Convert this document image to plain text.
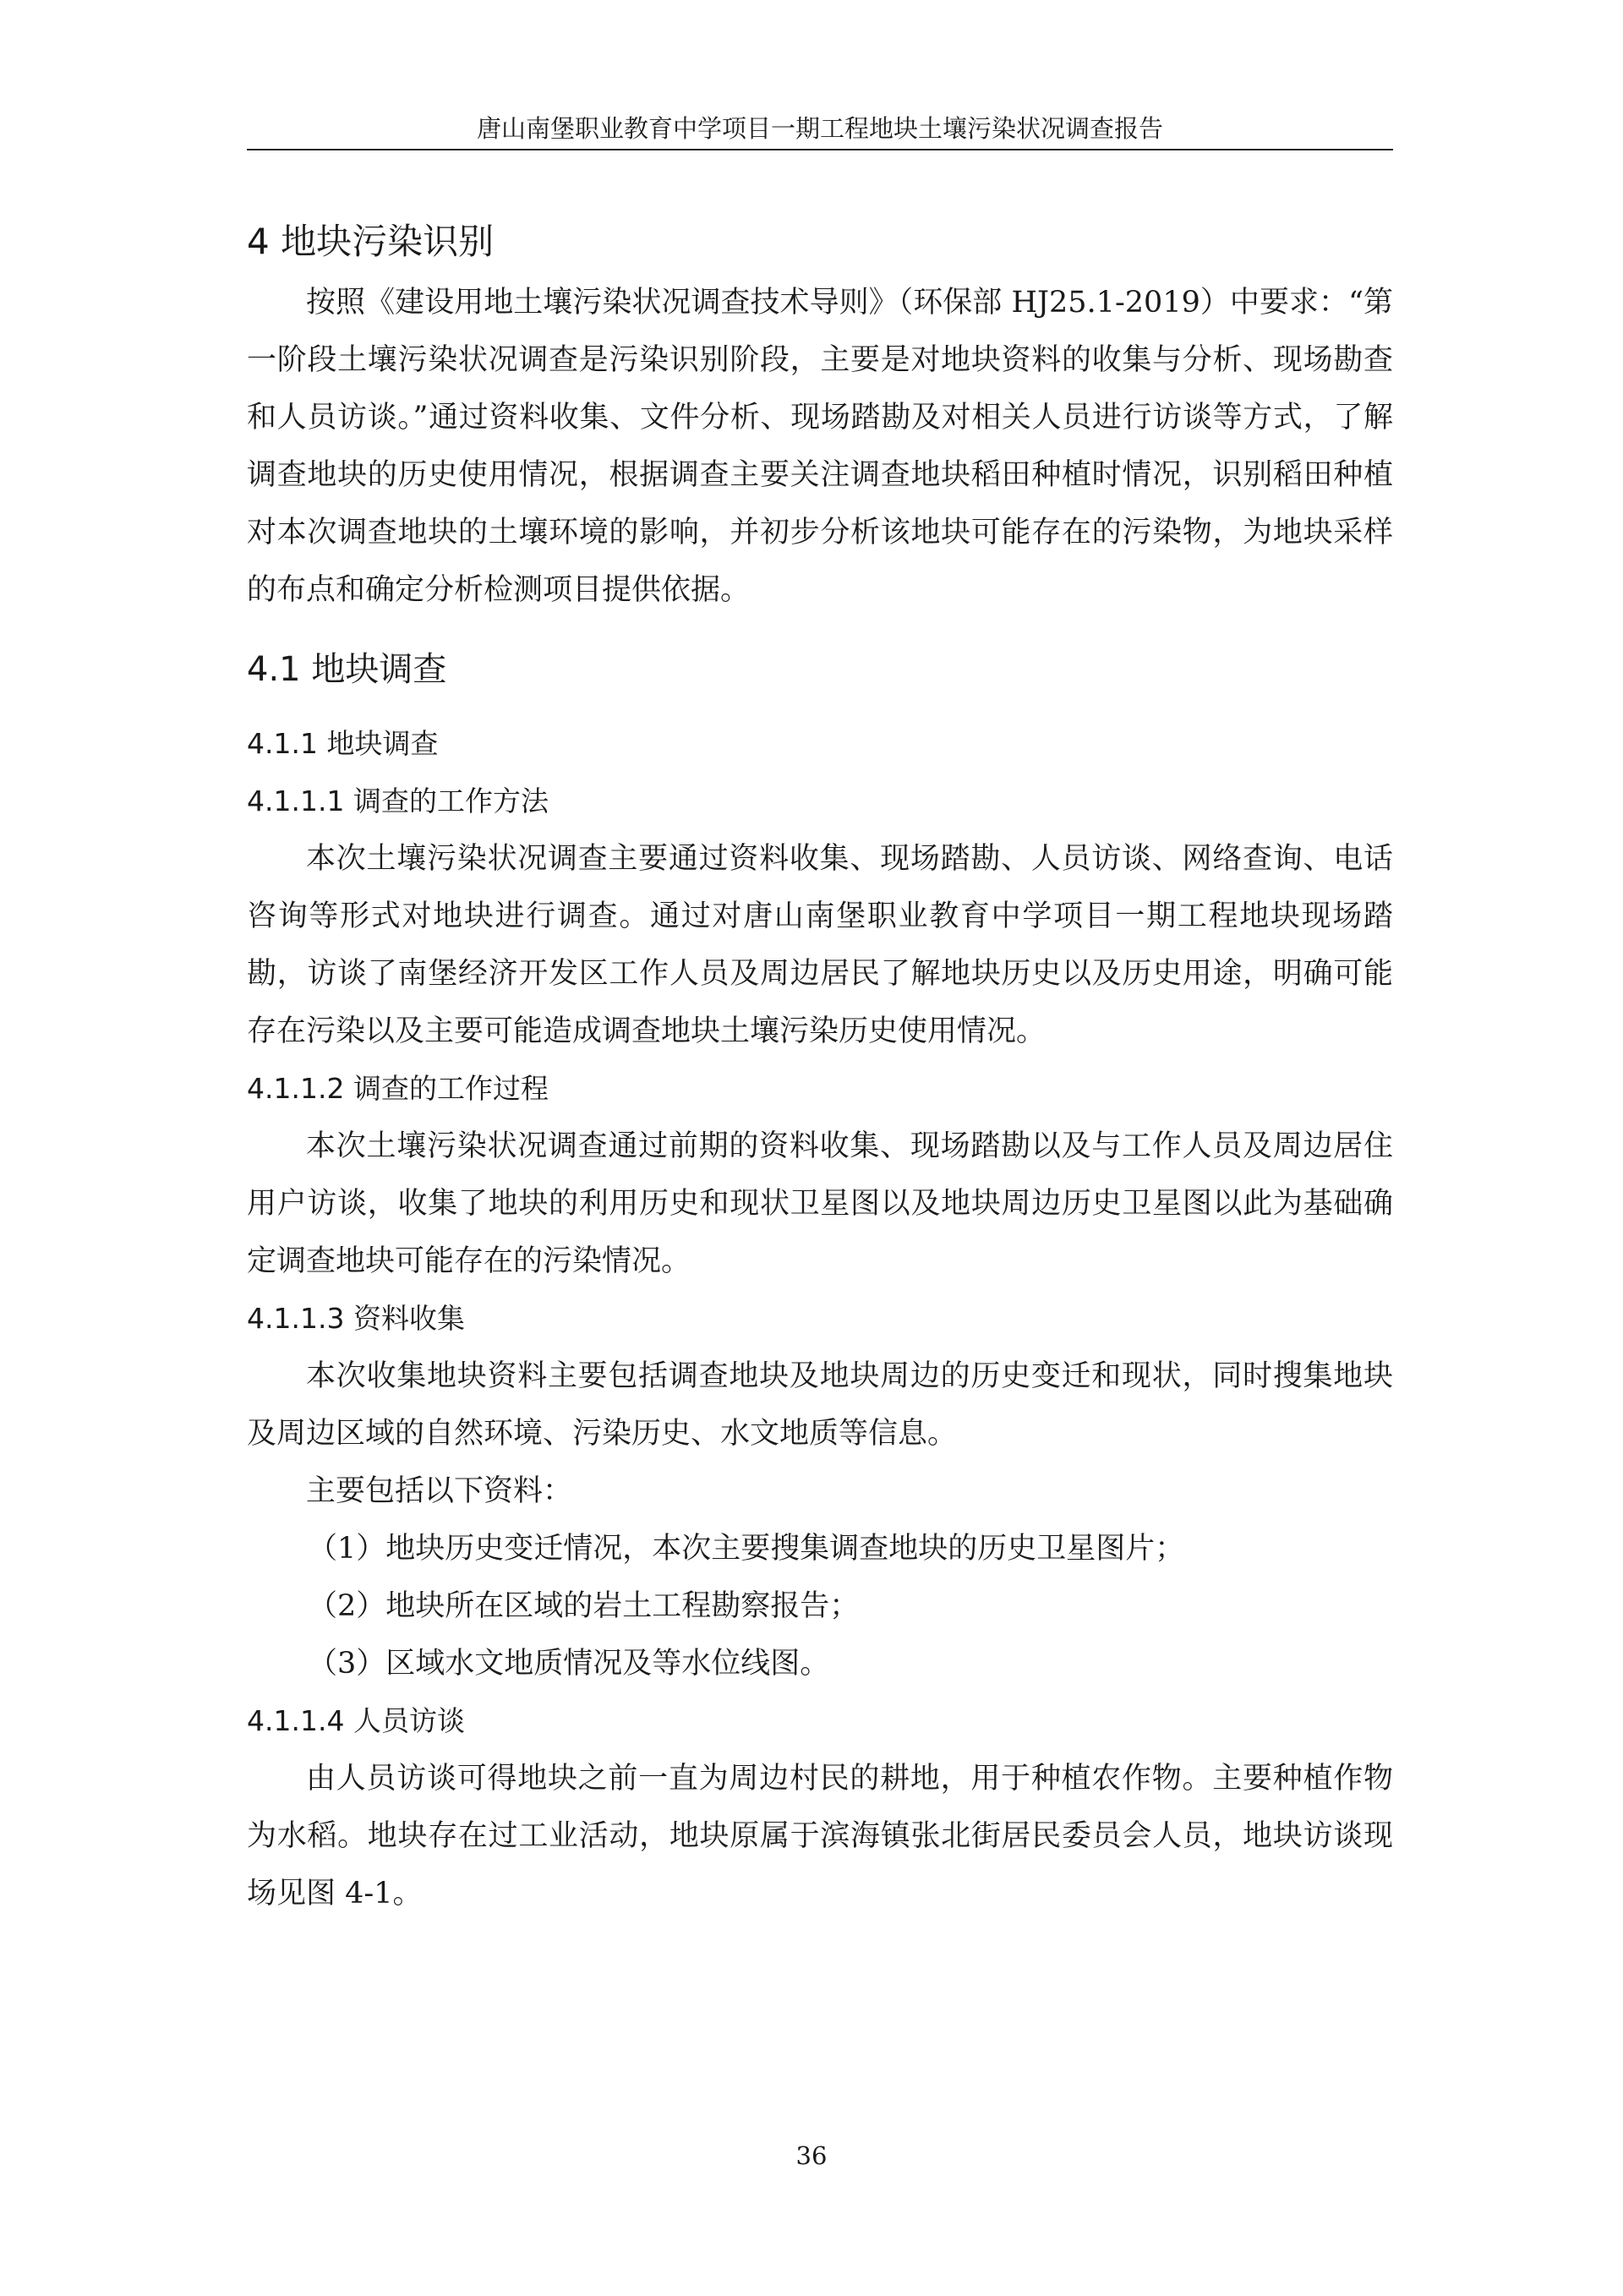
唐山南堡职业教育中学项目一期工程地块土壤污染状况调查报告
4 地块污染识别

按照《建设用地土壤污染状况调查技术导则》（环保部 HJ25.1-2019）中要求：“第一阶段土壤污染状况调查是污染识别阶段，主要是对地块资料的收集与分析、现场勘查和人员访谈。”通过资料收集、文件分析、现场踏勘及对相关人员进行访谈等方式，了解调查地块的历史使用情况，根据调查主要关注调查地块稻田种植时情况，识别稻田种植对本次调查地块的土壤环境的影响，并初步分析该地块可能存在的污染物，为地块采样的布点和确定分析检测项目提供依据。

4.1 地块调查
4.1.1 地块调查
4.1.1.1 调查的工作方法

本次土壤污染状况调查主要通过资料收集、现场踏勘、人员访谈、网络查询、电话咨询等形式对地块进行调查。通过对唐山南堡职业教育中学项目一期工程地块现场踏勘，访谈了南堡经济开发区工作人员及周边居民了解地块历史以及历史用途，明确可能存在污染以及主要可能造成调查地块土壤污染历史使用情况。

4.1.1.2 调查的工作过程

本次土壤污染状况调查通过前期的资料收集、现场踏勘以及与工作人员及周边居住用户访谈，收集了地块的利用历史和现状卫星图以及地块周边历史卫星图以此为基础确定调查地块可能存在的污染情况。

4.1.1.3 资料收集

本次收集地块资料主要包括调查地块及地块周边的历史变迁和现状，同时搜集地块及周边区域的自然环境、污染历史、水文地质等信息。

主要包括以下资料：

（1）地块历史变迁情况，本次主要搜集调查地块的历史卫星图片；

（2）地块所在区域的岩土工程勘察报告；

（3）区域水文地质情况及等水位线图。

4.1.1.4 人员访谈

由人员访谈可得地块之前一直为周边村民的耕地，用于种植农作物。主要种植作物为水稻。地块存在过工业活动，地块原属于滨海镇张北街居民委员会人员，地块访谈现场见图 4-1。

36
